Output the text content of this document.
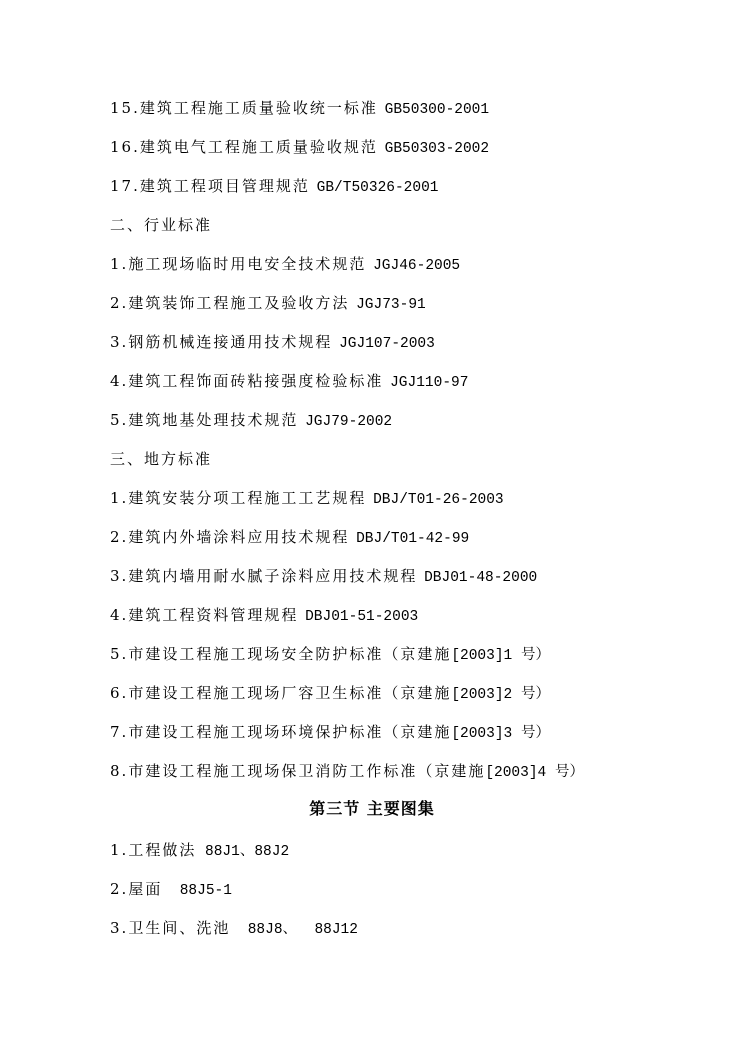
15.建筑工程施工质量验收统一标准 GB50300-2001
16.建筑电气工程施工质量验收规范 GB50303-2002
17.建筑工程项目管理规范 GB/T50326-2001
二、行业标准
1.施工现场临时用电安全技术规范 JGJ46-2005
2.建筑装饰工程施工及验收方法 JGJ73-91
3.钢筋机械连接通用技术规程 JGJ107-2003
4.建筑工程饰面砖粘接强度检验标准 JGJ110-97
5.建筑地基处理技术规范 JGJ79-2002
三、地方标准
1.建筑安装分项工程施工工艺规程 DBJ/T01-26-2003
2.建筑内外墙涂料应用技术规程 DBJ/T01-42-99
3.建筑内墙用耐水腻子涂料应用技术规程 DBJ01-48-2000
4.建筑工程资料管理规程 DBJ01-51-2003
5.市建设工程施工现场安全防护标准（京建施[2003]1 号）
6.市建设工程施工现场厂容卫生标准（京建施[2003]2 号）
7.市建设工程施工现场环境保护标准（京建施[2003]3 号）
8.市建设工程施工现场保卫消防工作标准（京建施[2003]4 号）
第三节 主要图集
1.工程做法 88J1、88J2
2.屋面  88J5-1
3.卫生间、洗池  88J8、  88J12
